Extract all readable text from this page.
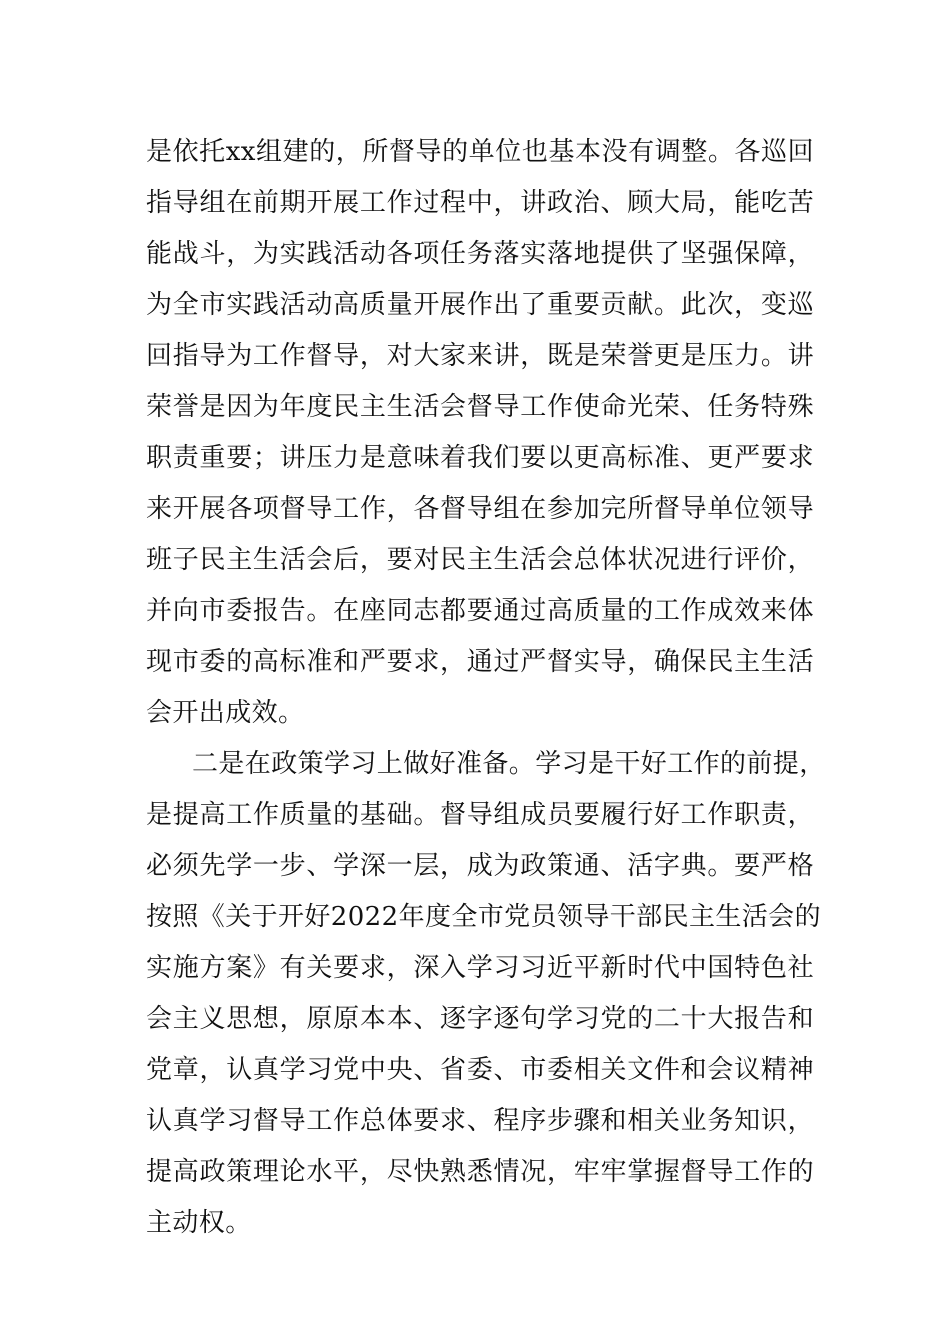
是依托xx组建的，所督导的单位也基本没有调整。各巡回
指导组在前期开展工作过程中，讲政治、顾大局，能吃苦
能战斗，为实践活动各项任务落实落地提供了坚强保障，
为全市实践活动高质量开展作出了重要贡献。此次，变巡
回指导为工作督导，对大家来讲，既是荣誉更是压力。讲
荣誉是因为年度民主生活会督导工作使命光荣、任务特殊
职责重要；讲压力是意味着我们要以更高标准、更严要求
来开展各项督导工作，各督导组在参加完所督导单位领导
班子民主生活会后，要对民主生活会总体状况进行评价，
并向市委报告。在座同志都要通过高质量的工作成效来体
现市委的高标准和严要求，通过严督实导，确保民主生活
会开出成效。
二是在政策学习上做好准备。学习是干好工作的前提，
是提高工作质量的基础。督导组成员要履行好工作职责，
必须先学一步、学深一层，成为政策通、活字典。要严格
按照《关于开好2022年度全市党员领导干部民主生活会的
实施方案》有关要求，深入学习习近平新时代中国特色社
会主义思想，原原本本、逐字逐句学习党的二十大报告和
党章，认真学习党中央、省委、市委相关文件和会议精神
认真学习督导工作总体要求、程序步骤和相关业务知识，
提高政策理论水平，尽快熟悉情况，牢牢掌握督导工作的
主动权。
